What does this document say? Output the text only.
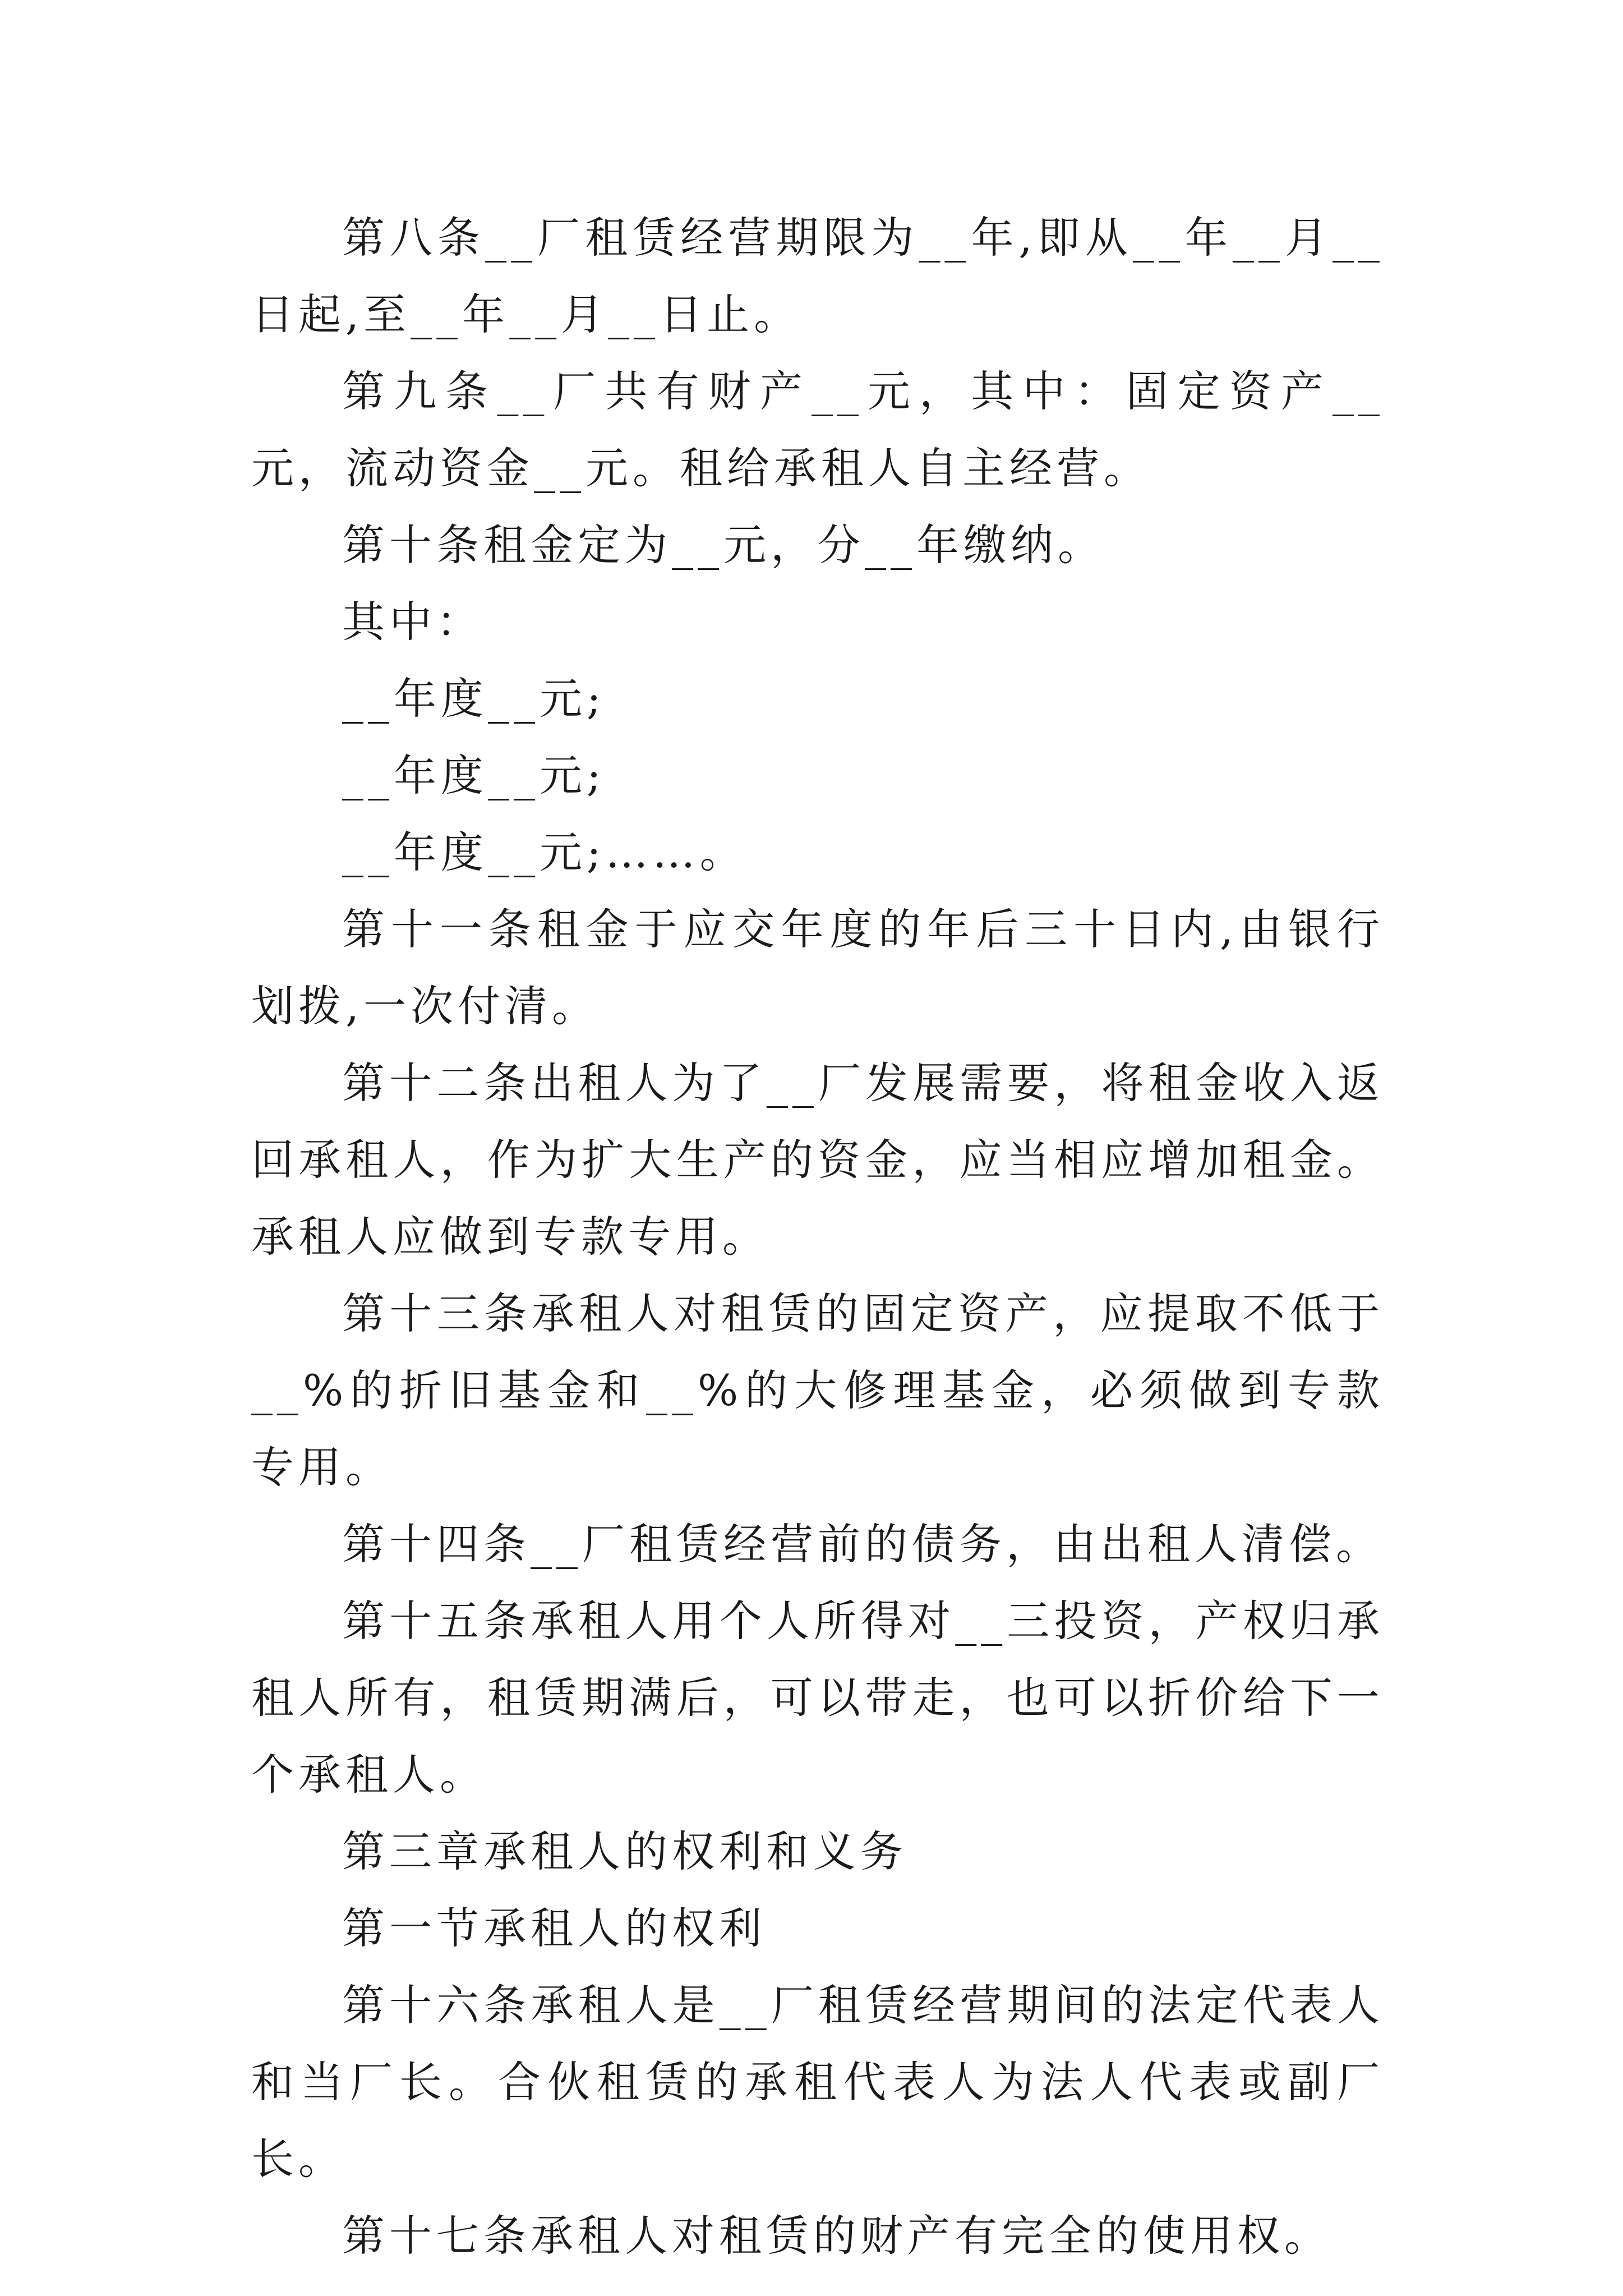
第八条__厂租赁经营期限为__年,即从__年__月__日起,至__年__月__日止。

第九条__厂共有财产__元，其中：固定资产__元，流动资金__元。租给承租人自主经营。

第十条租金定为__元，分__年缴纳。

其中：

__年度__元;

__年度__元;

__年度__元;……。

第十一条租金于应交年度的年后三十日内,由银行划拨,一次付清。

第十二条出租人为了__厂发展需要，将租金收入返回承租人，作为扩大生产的资金，应当相应增加租金。承租人应做到专款专用。

第十三条承租人对租赁的固定资产，应提取不低于__%的折旧基金和__%的大修理基金，必须做到专款专用。

第十四条__厂租赁经营前的债务，由出租人清偿。

第十五条承租人用个人所得对__三投资，产权归承租人所有，租赁期满后，可以带走，也可以折价给下一个承租人。

第三章承租人的权利和义务

第一节承租人的权利

第十六条承租人是__厂租赁经营期间的法定代表人和当厂长。合伙租赁的承租代表人为法人代表或副厂长。

第十七条承租人对租赁的财产有完全的使用权。
